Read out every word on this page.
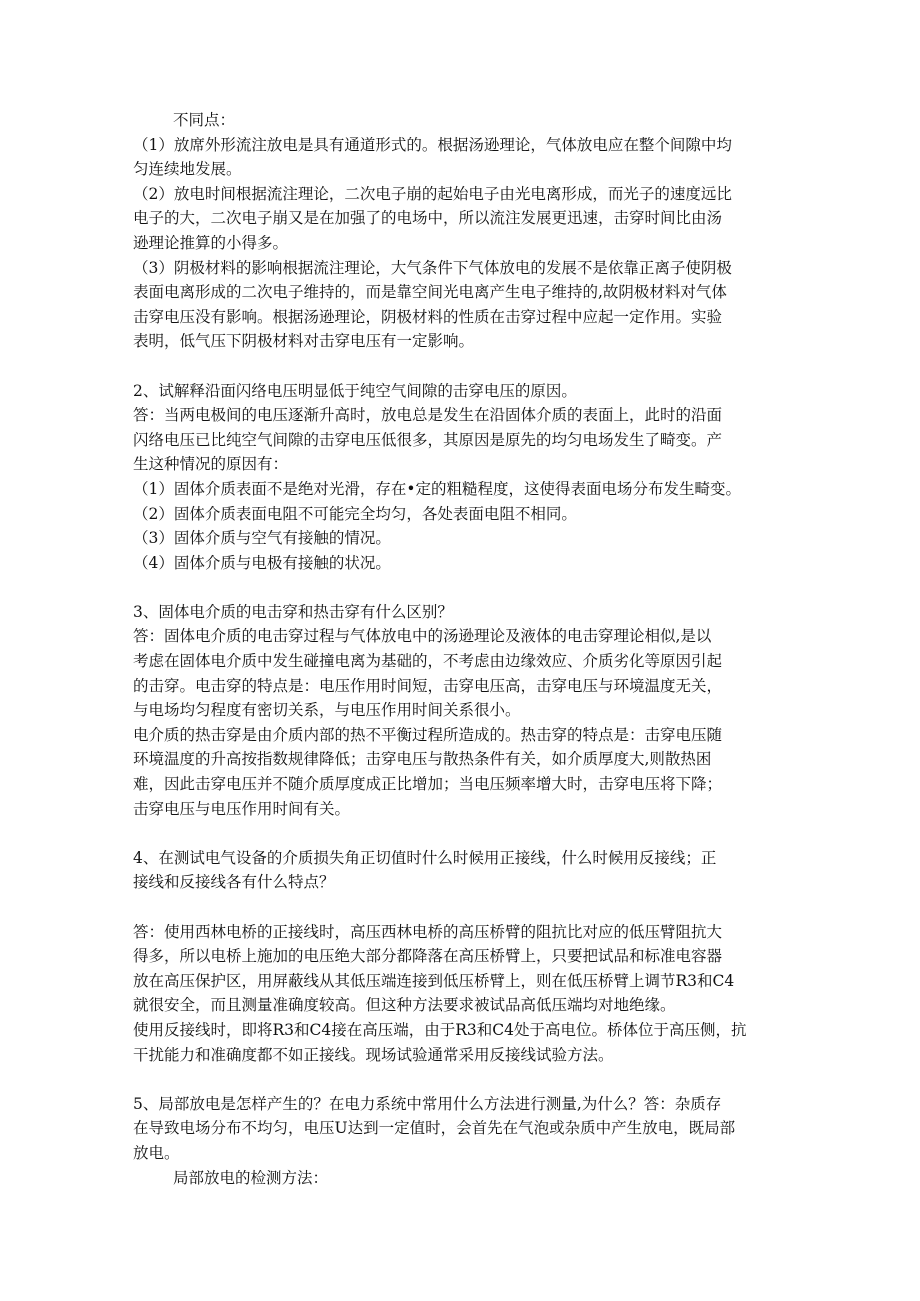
不同点：
（1）放席外形流注放电是具有通道形式的。根据汤逊理论，气体放电应在整个间隙中均
匀连续地发展。
（2）放电时间根据流注理论，二次电子崩的起始电子由光电离形成，而光子的速度远比
电子的大，二次电子崩又是在加强了的电场中，所以流注发展更迅速，击穿时间比由汤
逊理论推算的小得多。
（3）阴极材料的影响根据流注理论，大气条件下气体放电的发展不是依靠正离子使阴极
表面电离形成的二次电子维持的，而是靠空间光电离产生电子维持的,故阴极材料对气体
击穿电压没有影响。根据汤逊理论，阴极材料的性质在击穿过程中应起一定作用。实验
表明，低气压下阴极材料对击穿电压有一定影响。
2、试解释沿面闪络电压明显低于纯空气间隙的击穿电压的原因。
答：当两电极间的电压逐渐升高时，放电总是发生在沿固体介质的表面上，此时的沿面
闪络电压已比纯空气间隙的击穿电压低很多，其原因是原先的均匀电场发生了畸变。产
生这种情况的原因有：
（1）固体介质表面不是绝对光滑，存在•定的粗糙程度，这使得表面电场分布发生畸变。
（2）固体介质表面电阻不可能完全均匀，各处表面电阻不相同。
（3）固体介质与空气有接触的情况。
（4）固体介质与电极有接触的状况。
3、固体电介质的电击穿和热击穿有什么区别？
答：固体电介质的电击穿过程与气体放电中的汤逊理论及液体的电击穿理论相似,是以
考虑在固体电介质中发生碰撞电离为基础的，不考虑由边缘效应、介质劣化等原因引起
的击穿。电击穿的特点是：电压作用时间短，击穿电压高，击穿电压与环境温度无关，
与电场均匀程度有密切关系，与电压作用时间关系很小。
电介质的热击穿是由介质内部的热不平衡过程所造成的。热击穿的特点是：击穿电压随
环境温度的升高按指数规律降低；击穿电压与散热条件有关，如介质厚度大,则散热困
难，因此击穿电压并不随介质厚度成正比增加；当电压频率增大时，击穿电压将下降；
击穿电压与电压作用时间有关。
4、在测试电气设备的介质损失角正切值时什么时候用正接线，什么时候用反接线；正
接线和反接线各有什么特点？
答：使用西林电桥的正接线时，高压西林电桥的高压桥臂的阻抗比对应的低压臂阻抗大
得多，所以电桥上施加的电压绝大部分都降落在高压桥臂上，只要把试品和标准电容器
放在高压保护区，用屏蔽线从其低压端连接到低压桥臂上，则在低压桥臂上调节R3和C4
就很安全，而且测量准确度较高。但这种方法要求被试品高低压端均对地绝缘。
使用反接线时，即将R3和C4接在高压端，由于R3和C4处于高电位。桥体位于高压侧，抗
干扰能力和准确度都不如正接线。现场试验通常采用反接线试验方法。
5、局部放电是怎样产生的？在电力系统中常用什么方法进行测量,为什么？答：杂质存
在导致电场分布不均匀，电压U达到一定值时，会首先在气泡或杂质中产生放电，既局部
放电。
局部放电的检测方法：
